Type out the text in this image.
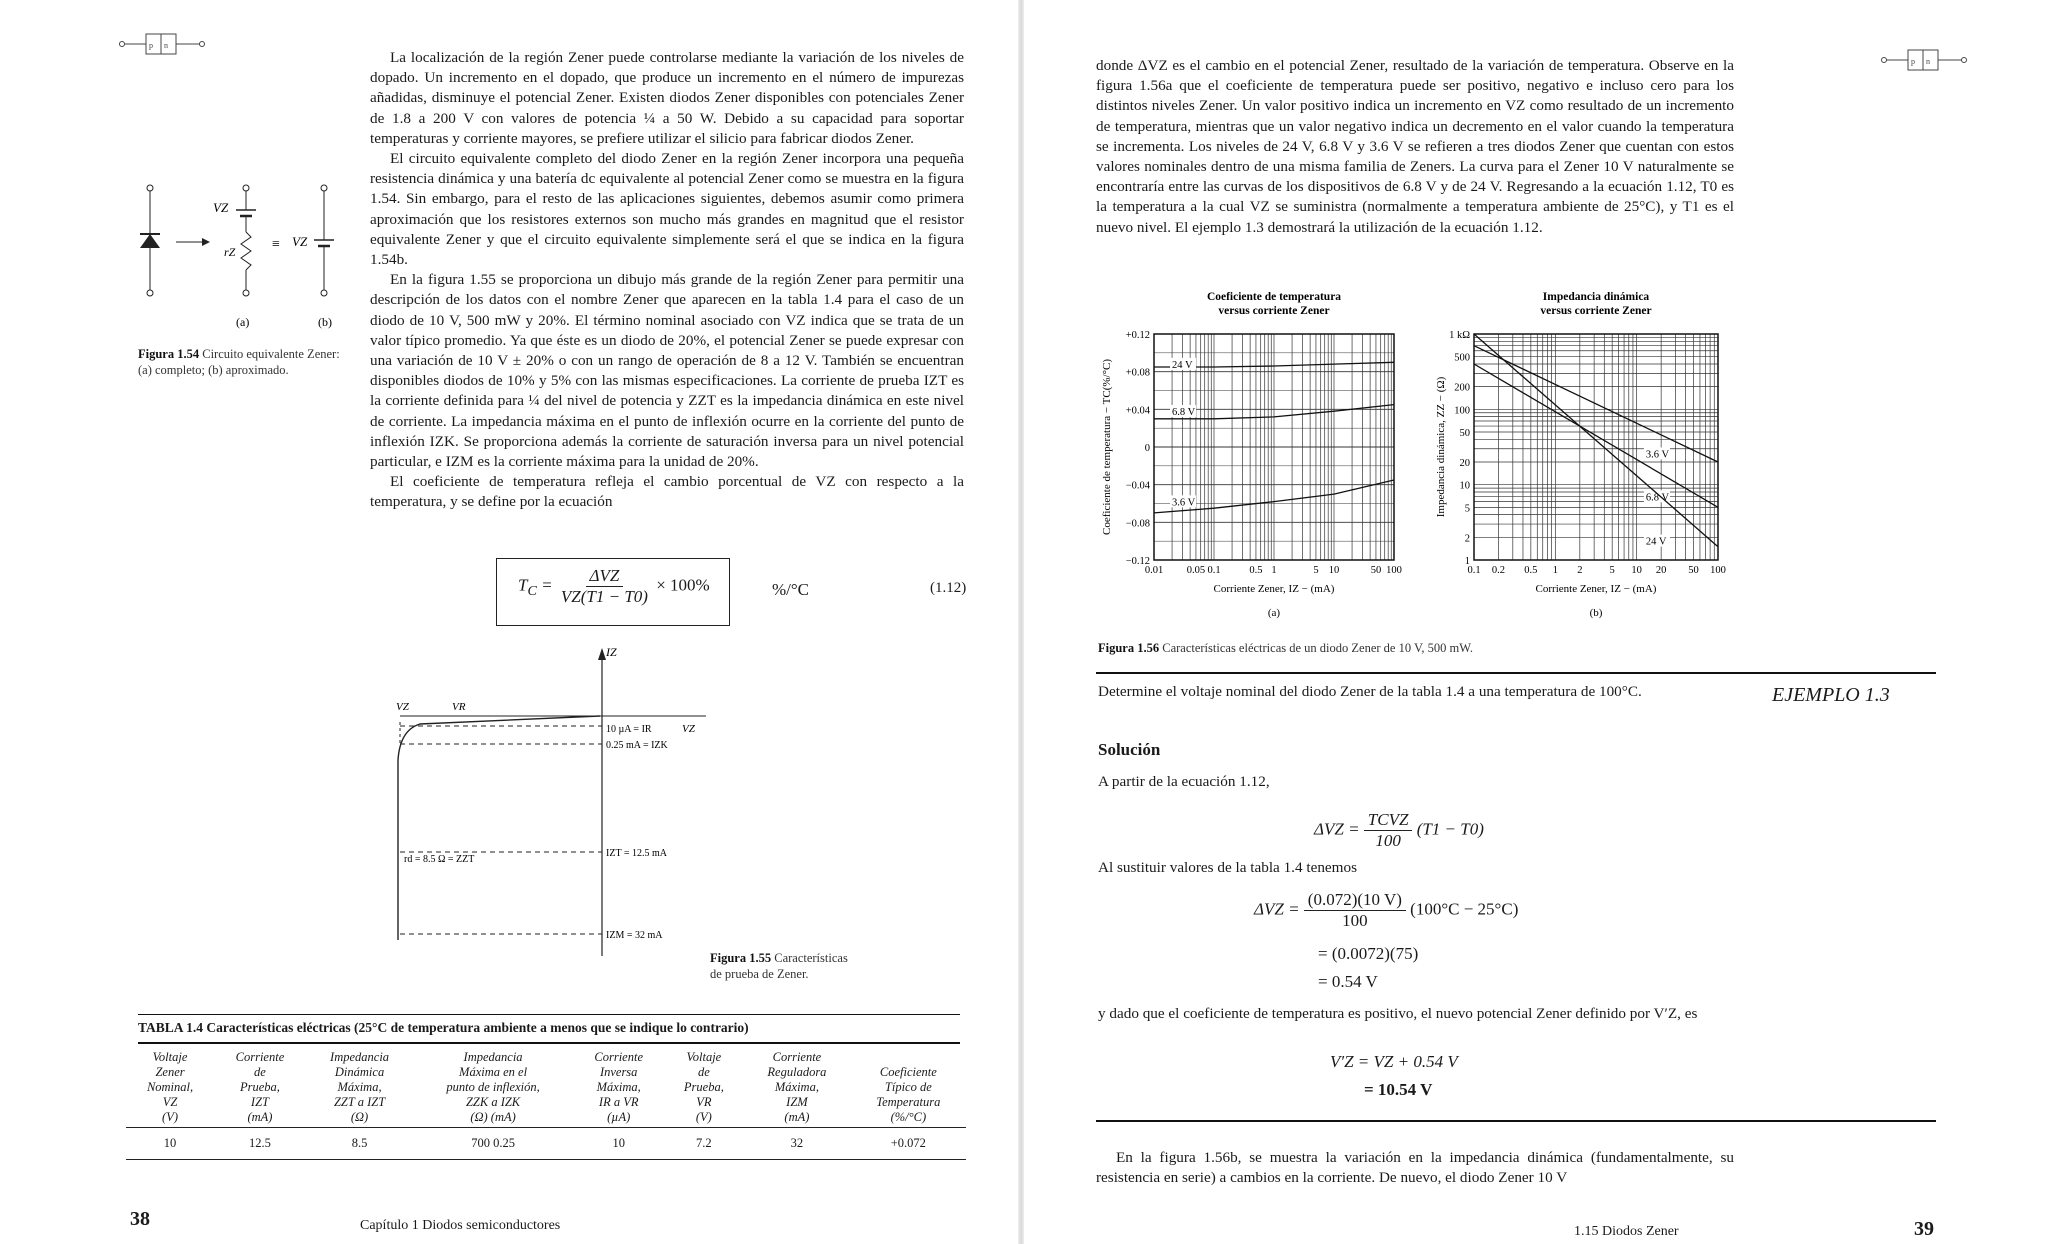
p n
VZ
rZ	≡ VZ
(a)	(b)
Figura 1.54 Circuito equivalente Zener: (a) completo; (b) aproximado.

La localización de la región Zener puede controlarse mediante la variación de los niveles de dopado. Un incremento en el dopado, que produce un incremento en el número de impurezas añadidas, disminuye el potencial Zener. Existen diodos Zener disponibles con potenciales Zener de 1.8 a 200 V con valores de potencia ¼ a 50 W. Debido a su capacidad para soportar temperaturas y corriente mayores, se prefiere utilizar el silicio para fabricar diodos Zener.

El circuito equivalente completo del diodo Zener en la región Zener incorpora una pequeña resistencia dinámica y una batería dc equivalente al potencial Zener como se muestra en la figura 1.54. Sin embargo, para el resto de las aplicaciones siguientes, debemos asumir como primera aproximación que los resistores externos son mucho más grandes en magnitud que el resistor equivalente Zener y que el circuito equivalente simplemente será el que se indica en la figura 1.54b.

En la figura 1.55 se proporciona un dibujo más grande de la región Zener para permitir una descripción de los datos con el nombre Zener que aparecen en la tabla 1.4 para el caso de un diodo de 10 V, 500 mW y 20%. El término nominal asociado con VZ indica que se trata de un valor típico promedio. Ya que éste es un diodo de 20%, el potencial Zener se puede expresar con una variación de 10 V ± 20% o con un rango de operación de 8 a 12 V. También se encuentran disponibles diodos de 10% y 5% con las mismas especificaciones. La corriente de prueba IZT es la corriente definida para ¼ del nivel de potencia y ZZT es la impedancia dinámica en este nivel de corriente. La impedancia máxima en el punto de inflexión ocurre en la corriente del punto de inflexión IZK. Se proporciona además la corriente de saturación inversa para un nivel potencial particular, e IZM es la corriente máxima para la unidad de 20%.

El coeficiente de temperatura refleja el cambio porcentual de VZ con respecto a la temperatura, y se define por la ecuación

$T_C = \frac{\text{ΔVZ}}{VZ(T1 - T0)} \times 100\%$	%/°C	(1.12)
IZ
VZ	VR
VZ
10 µA = IR
0.25 mA = IZK
IZT = 12.5 mA
IZM = 32 mA
rd = 8.5 Ω = ZZT
Figura 1.55 Características de prueba de Zener.
TABLA 1.4 Características eléctricas (25°C de temperatura ambiente a menos que se indique lo contrario)
Voltaje
Zener
Nominal,
VZ
(V)	Corriente
de
Prueba,
IZT
(mA)	Impedancia
Dinámica
Máxima,
ZZT a IZT
(Ω)	Impedancia
Máxima en el
punto de inflexión,
ZZK a IZK
(Ω) (mA)	Corriente
Inversa
Máxima,
IR a VR
(µA)	Voltaje
de
Prueba,
VR
(V)	Corriente
Reguladora
Máxima,
IZM
(mA)	Coeficiente
Típico de
Temperatura
(%/°C)
10	12.5	8.5	700 0.25	10	7.2	32	+0.072
38	Capítulo 1 Diodos semiconductores
p n

donde ΔVZ es el cambio en el potencial Zener, resultado de la variación de temperatura. Observe en la figura 1.56a que el coeficiente de temperatura puede ser positivo, negativo e incluso cero para los distintos niveles Zener. Un valor positivo indica un incremento en VZ como resultado de un incremento de temperatura, mientras que un valor negativo indica un decremento en el valor cuando la temperatura se incrementa. Los niveles de 24 V, 6.8 V y 3.6 V se refieren a tres diodos Zener que cuentan con estos valores nominales dentro de una misma familia de Zeners. La curva para el Zener 10 V naturalmente se encontraría entre las curvas de los dispositivos de 6.8 V y de 24 V. Regresando a la ecuación 1.12, T0 es la temperatura a la cual VZ se suministra (normalmente a temperatura ambiente de 25°C), y T1 es el nuevo nivel. El ejemplo 1.3 demostrará la utilización de la ecuación 1.12.

Coeficiente de temperatura
versus corriente Zener
0.01 0.05 0.1	0.5 1	5 10	50 100
+0.12
+0.08
+0.04
0
−0.04
−0.08
−0.12
Corriente Zener, IZ − (mA)
Coeficiente de temperatura − TC(%/°C)	24 V
6.8 V
3.6 V
(a)
Impedancia dinámica
versus corriente Zener
0.1 0.2 0.5 1 2	5 10 20 50 100
1
2
5
10
20
50
100
200
500
1 kΩ
Corriente Zener, IZ − (mA)
Impedancia dinámica, ZZ − (Ω)	3.6 V
6.8 V
24 V
(b)
Figura 1.56 Características eléctricas de un diodo Zener de 10 V, 500 mW.
Determine el voltaje nominal del diodo Zener de la tabla 1.4 a una temperatura de 100°C.	EJEMPLO 1.3
Solución
A partir de la ecuación 1.12,
$\Delta VZ = \frac{\text{TCVZ}}{100} (T1 - T0)$
Al sustituir valores de la tabla 1.4 tenemos
$\Delta VZ = \frac{(0.072)(10 V)}{100} (100^\circ C - 25^\circ C)$
= (0.0072)(75)
= 0.54 V
y dado que el coeficiente de temperatura es positivo, el nuevo potencial Zener definido por V′Z, es
V′Z = VZ + 0.54 V
= 10.54 V

En la figura 1.56b, se muestra la variación en la impedancia dinámica (fundamentalmente, su resistencia en serie) a cambios en la corriente. De nuevo, el diodo Zener 10 V

1.15 Diodos Zener	39
